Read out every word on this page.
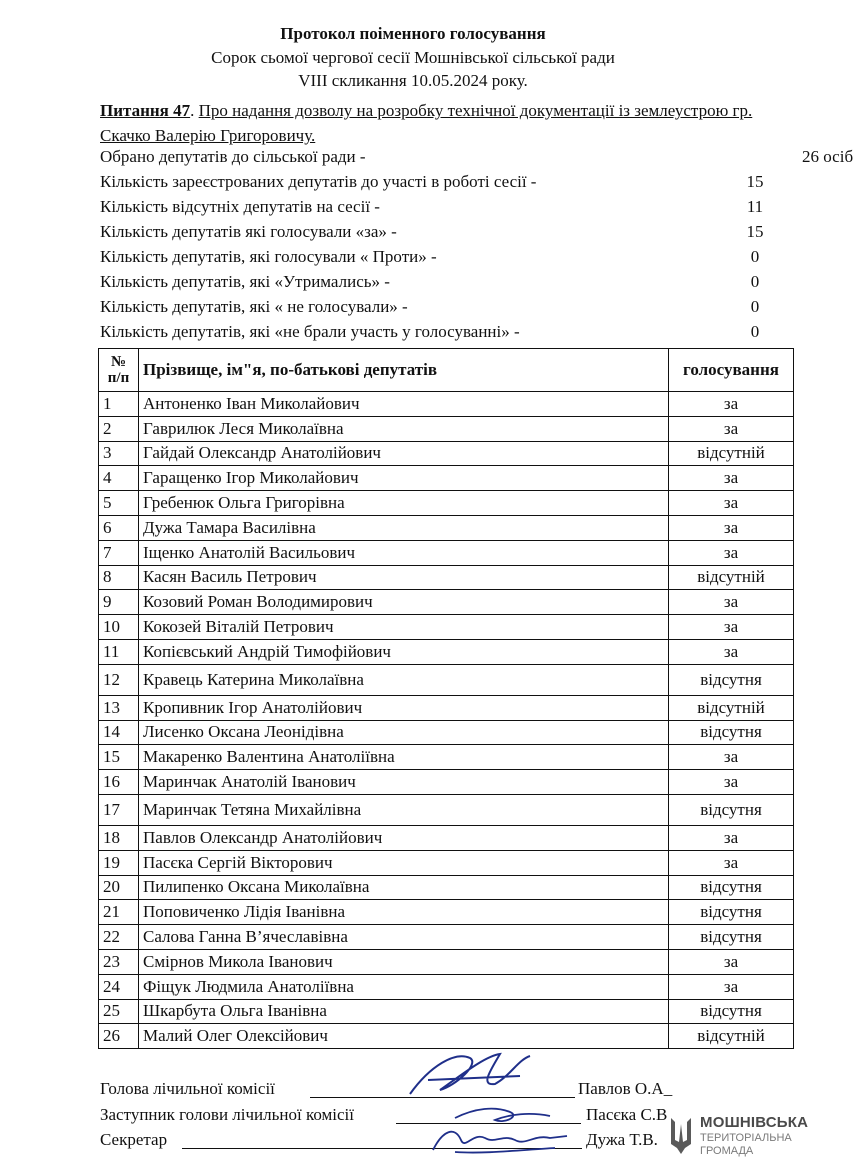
Протокол поіменного голосування
Сорок сьомої чергової сесії Мошнівської сільської ради
VIII скликання 10.05.2024 року.
Питання 47. Про надання дозволу на розробку технічної документації із землеустрою гр. Скачко Валерію Григоровичу.
Обрано депутатів до сільської ради -	26 осіб
Кількість зареєстрованих депутатів до участі в роботі сесії -	15
Кількість відсутніх депутатів на сесії -	11
Кількість депутатів які голосували «за» -	15
Кількість депутатів, які голосували « Проти» -	0
Кількість депутатів, які «Утримались» -	0
Кількість депутатів, які « не голосували» -	0
Кількість депутатів, які «не брали участь у голосуванні» -	0
№
п/п	Прізвище, ім"я, по-батькові депутатів	голосування
1	Антоненко Іван Миколайович	за
2	Гаврилюк Леся Миколаївна	за
3	Гайдай Олександр Анатолійович	відсутній
4	Гаращенко Ігор Миколайович	за
5	Гребенюк Ольга Григорівна	за
6	Дужа Тамара Василівна	за
7	Іщенко Анатолій Васильович	за
8	Касян Василь Петрович	відсутній
9	Козовий Роман Володимирович	за
10	Кокозей Віталій Петрович	за
11	Копієвський Андрій Тимофійович	за
12	Кравець Катерина Миколаївна	відсутня
13	Кропивник Ігор Анатолійович	відсутній
14	Лисенко Оксана Леонідівна	відсутня
15	Макаренко Валентина Анатоліївна	за
16	Маринчак Анатолій Іванович	за
17	Маринчак Тетяна Михайлівна	відсутня
18	Павлов Олександр Анатолійович	за
19	Пасєка Сергій Вікторович	за
20	Пилипенко Оксана Миколаївна	відсутня
21	Поповиченко Лідія Іванівна	відсутня
22	Салова Ганна В’ячеславівна	відсутня
23	Смірнов Микола Іванович	за
24	Фіщук Людмила Анатоліївна	за
25	Шкарбута Ольга Іванівна	відсутня
26	Малий Олег Олексійович	відсутній
Голова лічильної комісії	Павлов О.А_
Заступник голови лічильної комісії	Пасєка С.В
Секретар	Дужа Т.В.
МОШНІВСЬКА
ТЕРИТОРІАЛЬНА
ГРОМАДА
